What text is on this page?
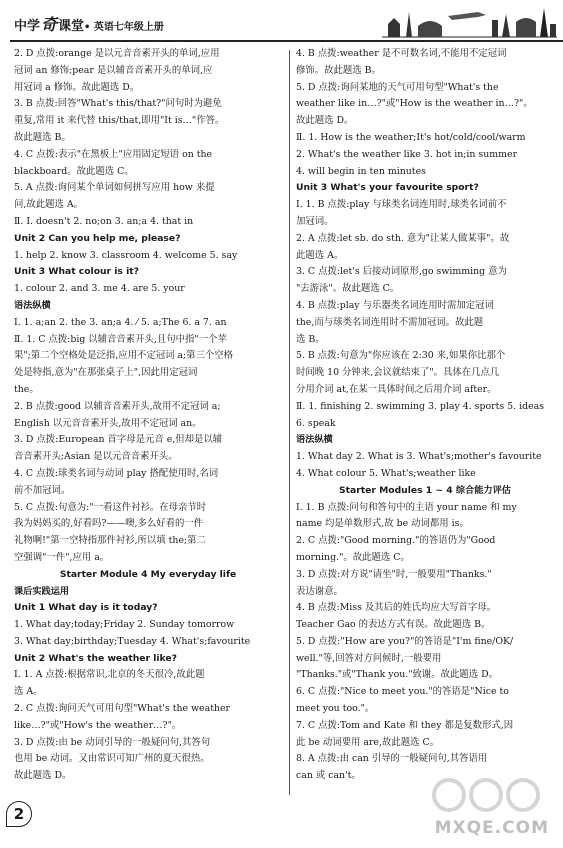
中学奇课堂• 英语七年级上册
2. D 点拨:orange 是以元音音素开头的单词,应用
冠词 an 修饰;pear 是以辅音音素开头的单词,应
用冠词 a 修饰。故此题选 D。
3. B 点拨:回答"What's this/that?"问句时为避免
重复,常用 it 来代替 this/that,即用"It is…"作答。
故此题选 B。
4. C 点拨:表示"在黑板上"应用固定短语 on the
blackboard。故此题选 C。
5. A 点拨:询问某个单词如何拼写应用 how 来提
问,故此题选 A。
Ⅱ. Ⅰ. doesn't 2. no;on 3. an;a 4. that in
Unit 2 Can you help me, please?
1. help 2. know 3. classroom 4. welcome 5. say
Unit 3 What colour is it?
1. colour 2. and 3. me 4. are 5. your
语法纵横
Ⅰ. 1. a;an 2. the 3. an;a 4. ⁄ 5. a;The 6. a 7. an
Ⅱ. 1. C 点拨:big 以辅音音素开头,且句中指"一个苹
果";第二个空格处是泛指,应用不定冠词 a;第三个空格
处是特指,意为"在那张桌子上",因此用定冠词
the。
2. B 点拨:good 以辅音音素开头,故用不定冠词 a;
English 以元音音素开头,故用不定冠词 an。
3. D 点拨:European 首字母是元音 e,但却是以辅
音音素开头;Asian 是以元音音素开头。
4. C 点拨:球类名词与动词 play 搭配使用时,名词
前不加冠词。
5. C 点拨:句意为:"一看这件衬衫。在母亲节时
我为妈妈买的,好看吗?——噢,多么好看的一件
礼物啊!"第一空特指那件衬衫,所以填 the;第二
空强调"一件",应用 a。
Starter Module 4 My everyday life
课后实践运用
Unit 1 What day is it today?
1. What day;today;Friday 2. Sunday tomorrow
3. What day;birthday;Tuesday 4. What's;favourite
Unit 2 What's the weather like?
Ⅰ. 1. A 点拨:根据常识,北京的冬天很冷,故此题
选 A。
2. C 点拨:询问天气可用句型"What's the weather
like…?"或"How's the weather…?"。
3. D 点拨:由 be 动词引导的一般疑问句,其答句
也用 be 动词。又由常识可知广州的夏天很热。
故此题选 D。
4. B 点拨:weather 是不可数名词,不能用不定冠词
修饰。故此题选 B。
5. D 点拨:询问某地的天气可用句型"What's the
weather like in…?"或"How is the weather in…?"。
故此题选 D。
Ⅱ. 1. How is the weather;It's hot/cold/cool/warm
2. What's the weather like 3. hot in;in summer
4. will begin in ten minutes
Unit 3 What's your favourite sport?
Ⅰ. 1. B 点拨:play 与球类名词连用时,球类名词前不
加冠词。
2. A 点拨:let sb. do sth. 意为"让某人做某事"。故
此题选 A。
3. C 点拨:let's 后接动词原形,go swimming 意为
"去游泳"。故此题选 C。
4. B 点拨:play 与乐器类名词连用时需加定冠词
the,而与球类名词连用时不需加冠词。故此题
选 B。
5. B 点拨:句意为"你应该在 2:30 来,如果你比那个
时间晚 10 分钟来,会议就结束了"。具体在几点几
分用介词 at,在某一具体时间之后用介词 after。
Ⅱ. 1. finishing 2. swimming 3. play 4. sports 5. ideas
6. speak
语法纵横
1. What day 2. What is 3. What's;mother's favourite
4. What colour 5. What's;weather like
Starter Modules 1 ~ 4 综合能力评估
Ⅰ. 1. B 点拨:问句和答句中的主语 your name 和 my
name 均是单数形式,故 be 动词都用 is。
2. C 点拨:"Good morning."的答语仍为"Good
morning."。故此题选 C。
3. D 点拨:对方说"请坐"时,一般要用"Thanks."
表达谢意。
4. B 点拨:Miss 及其后的姓氏均应大写首字母。
Teacher Gao 的表达方式有误。故此题选 B。
5. D 点拨:"How are you?"的答语是"I'm fine/OK/
well."等,回答对方问候时,一般要用
"Thanks."或"Thank you."致谢。故此题选 D。
6. C 点拨:"Nice to meet you."的答语是"Nice to
meet you too."。
7. C 点拨:Tom and Kate 和 they 都是复数形式,因
此 be 动词要用 are,故此题选 C。
8. A 点拨:由 can 引导的一般疑问句,其答语用
can 或 can't。
2
MXQE.COM
